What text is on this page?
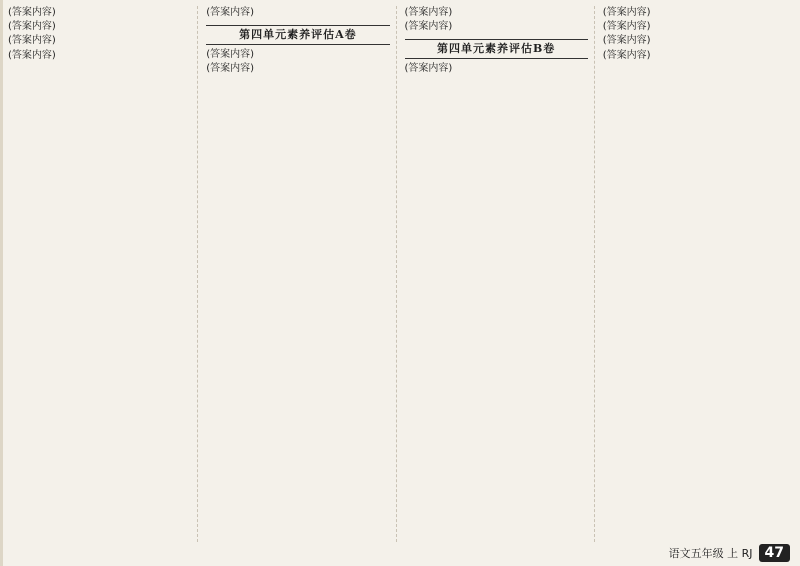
(答案内容)

(答案内容)

(答案内容)

(答案内容)

(答案内容)

第四单元素养评估A卷

(答案内容)

(答案内容)

(答案内容)

(答案内容)

第四单元素养评估B卷

(答案内容)

(答案内容)

(答案内容)

(答案内容)

(答案内容)

语文五年级 上 RJ 47
